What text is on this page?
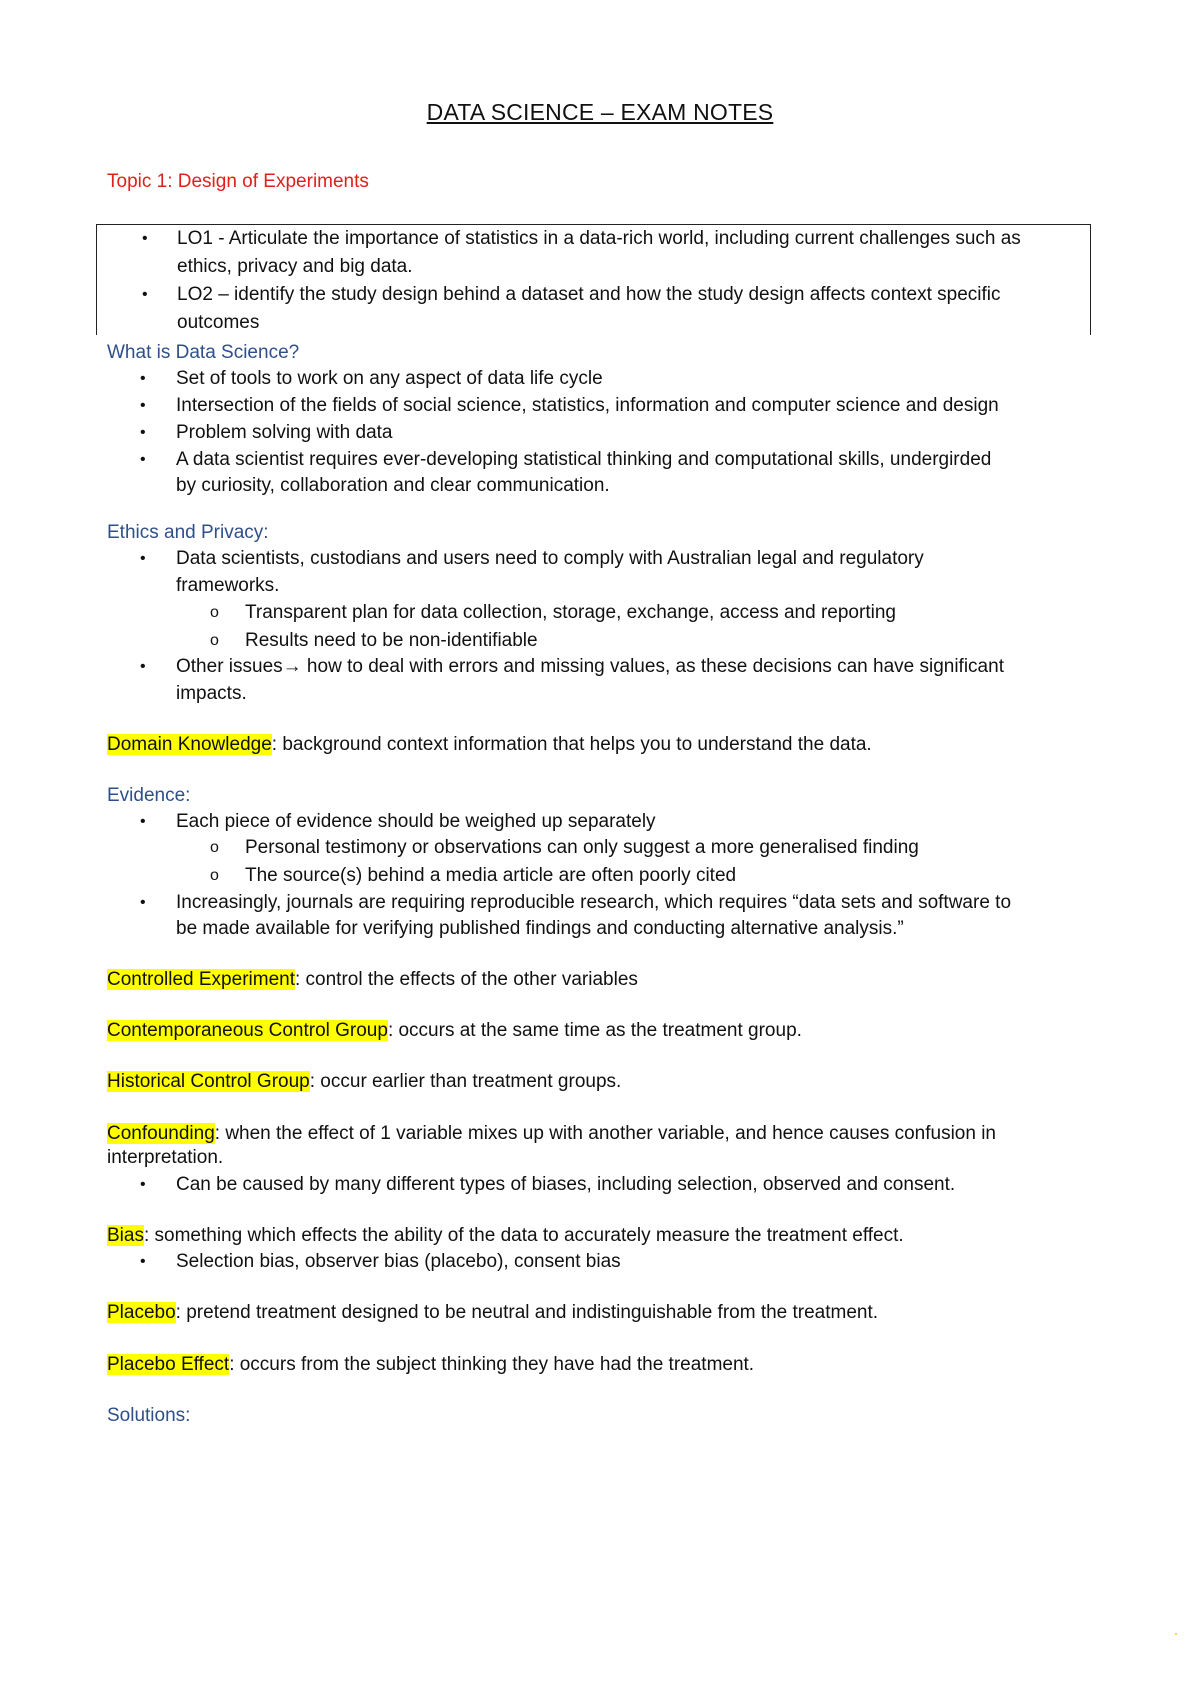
DATA SCIENCE – EXAM NOTES
Topic 1: Design of Experiments
• LO1 - Articulate the importance of statistics in a data-rich world, including current challenges such as ethics, privacy and big data.
• LO2 – identify the study design behind a dataset and how the study design affects context specific outcomes
What is Data Science?
• Set of tools to work on any aspect of data life cycle
• Intersection of the fields of social science, statistics, information and computer science and design
• Problem solving with data
• A data scientist requires ever-developing statistical thinking and computational skills, undergirded
by curiosity, collaboration and clear communication.
Ethics and Privacy:
• Data scientists, custodians and users need to comply with Australian legal and regulatory
frameworks.
o Transparent plan for data collection, storage, exchange, access and reporting
o Results need to be non-identifiable
• Other issues→ how to deal with errors and missing values, as these decisions can have significant
impacts.
Domain Knowledge: background context information that helps you to understand the data.
Evidence:
• Each piece of evidence should be weighed up separately
o Personal testimony or observations can only suggest a more generalised finding
o The source(s) behind a media article are often poorly cited
• Increasingly, journals are requiring reproducible research, which requires “data sets and software to
be made available for verifying published findings and conducting alternative analysis.”
Controlled Experiment: control the effects of the other variables
Contemporaneous Control Group: occurs at the same time as the treatment group.
Historical Control Group: occur earlier than treatment groups.
Confounding: when the effect of 1 variable mixes up with another variable, and hence causes confusion in
interpretation.
• Can be caused by many different types of biases, including selection, observed and consent.
Bias: something which effects the ability of the data to accurately measure the treatment effect.
• Selection bias, observer bias (placebo), consent bias
Placebo: pretend treatment designed to be neutral and indistinguishable from the treatment.
Placebo Effect: occurs from the subject thinking they have had the treatment.
Solutions:
